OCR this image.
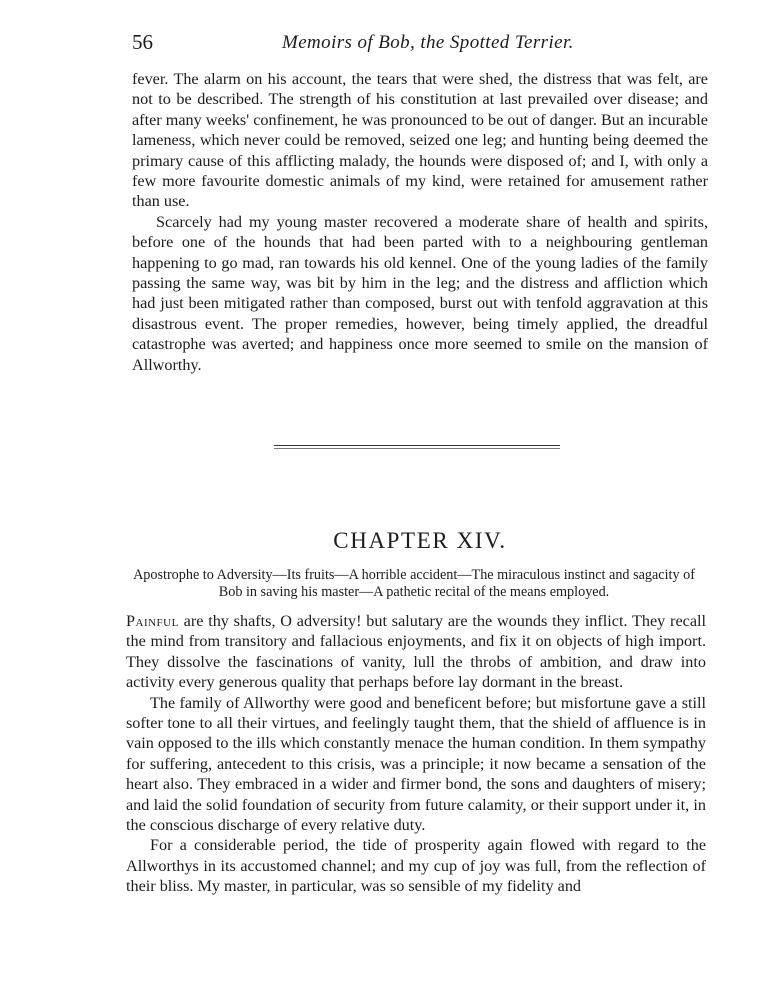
56	Memoirs of Bob, the Spotted Terrier.

fever. The alarm on his account, the tears that were shed, the distress that was felt, are not to be described. The strength of his constitution at last prevailed over disease; and after many weeks' confinement, he was pronounced to be out of danger. But an incurable lameness, which never could be removed, seized one leg; and hunting being deemed the primary cause of this afflicting malady, the hounds were disposed of; and I, with only a few more favourite domestic animals of my kind, were retained for amusement rather than use.

Scarcely had my young master recovered a moderate share of health and spirits, before one of the hounds that had been parted with to a neighbouring gentleman happening to go mad, ran towards his old kennel. One of the young ladies of the family passing the same way, was bit by him in the leg; and the distress and affliction which had just been mitigated rather than composed, burst out with tenfold aggravation at this disastrous event. The proper remedies, however, being timely applied, the dreadful catastrophe was averted; and happiness once more seemed to smile on the mansion of Allworthy.

CHAPTER XIV.
Apostrophe to Adversity—Its fruits—A horrible accident—The miraculous instinct and sagacity of Bob in saving his master—A pathetic recital of the means employed.

Painful are thy shafts, O adversity! but salutary are the wounds they inflict. They recall the mind from transitory and fallacious enjoyments, and fix it on objects of high import. They dissolve the fascinations of vanity, lull the throbs of ambition, and draw into activity every generous quality that perhaps before lay dormant in the breast.

The family of Allworthy were good and beneficent before; but misfortune gave a still softer tone to all their virtues, and feelingly taught them, that the shield of affluence is in vain opposed to the ills which constantly menace the human condition. In them sympathy for suffering, antecedent to this crisis, was a principle; it now became a sensation of the heart also. They embraced in a wider and firmer bond, the sons and daughters of misery; and laid the solid foundation of security from future calamity, or their support under it, in the conscious discharge of every relative duty.

For a considerable period, the tide of prosperity again flowed with regard to the Allworthys in its accustomed channel; and my cup of joy was full, from the reflection of their bliss. My master, in particular, was so sensible of my fidelity and
